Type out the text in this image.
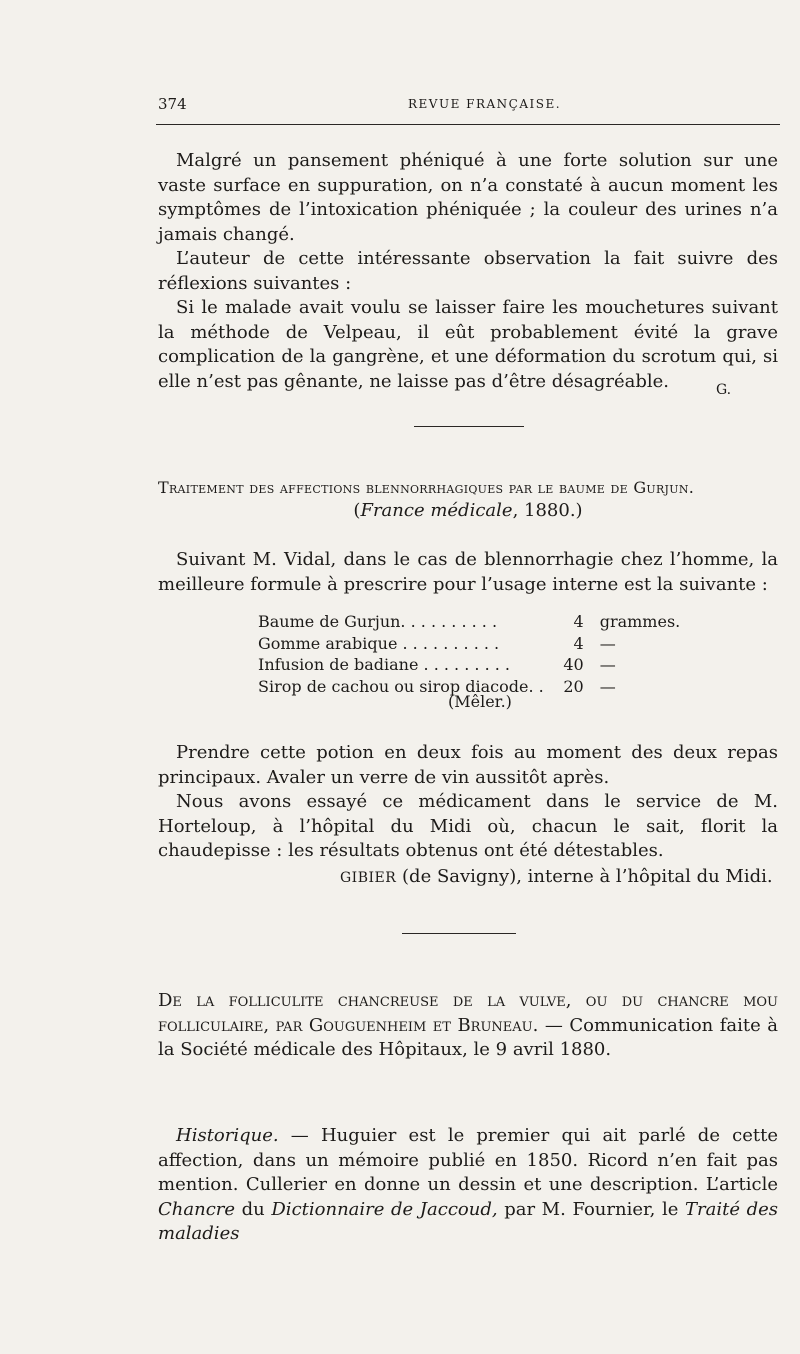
374	REVUE FRANÇAISE.

Malgré un pansement phéniqué à une forte solution sur une vaste surface en suppuration, on n’a constaté à aucun moment les symptômes de l’intoxication phéniquée ; la couleur des urines n’a jamais changé.

L’auteur de cette intéressante observation la fait suivre des réflexions suivantes :

Si le malade avait voulu se laisser faire les mouchetures suivant la méthode de Velpeau, il eût probablement évité la grave complication de la gangrène, et une déformation du scrotum qui, si elle n’est pas gênante, ne laisse pas d’être désagréable.	G.
Traitement des affections blennorrhagiques par le baume de Gurjun.
(France médicale, 1880.)

Suivant M. Vidal, dans le cas de blennorrhagie chez l’homme, la meilleure formule à prescrire pour l’usage interne est la suivante :

Baume de Gurjun. . . . . . . . . .	4	grammes.
Gomme arabique . . . . . . . . . .	4	—
Infusion de badiane . . . . . . . . .	40	—
Sirop de cachou ou sirop diacode. .	20	—
(Mêler.)

Prendre cette potion en deux fois au moment des deux repas principaux. Avaler un verre de vin aussitôt après.

Nous avons essayé ce médicament dans le service de M. Horteloup, à l’hôpital du Midi où, chacun le sait, florit la chaudepisse : les résultats obtenus ont été détestables.

GIBIER (de Savigny), interne à l’hôpital du Midi.

De la folliculite chancreuse de la vulve, ou du chancre mou folliculaire, par Gouguenheim et Bruneau. — Communication faite à la Société médicale des Hôpitaux, le 9 avril 1880.

Historique. — Huguier est le premier qui ait parlé de cette affection, dans un mémoire publié en 1850. Ricord n’en fait pas mention. Cullerier en donne un dessin et une description. L’article Chancre du Dictionnaire de Jaccoud, par M. Fournier, le Traité des maladies
